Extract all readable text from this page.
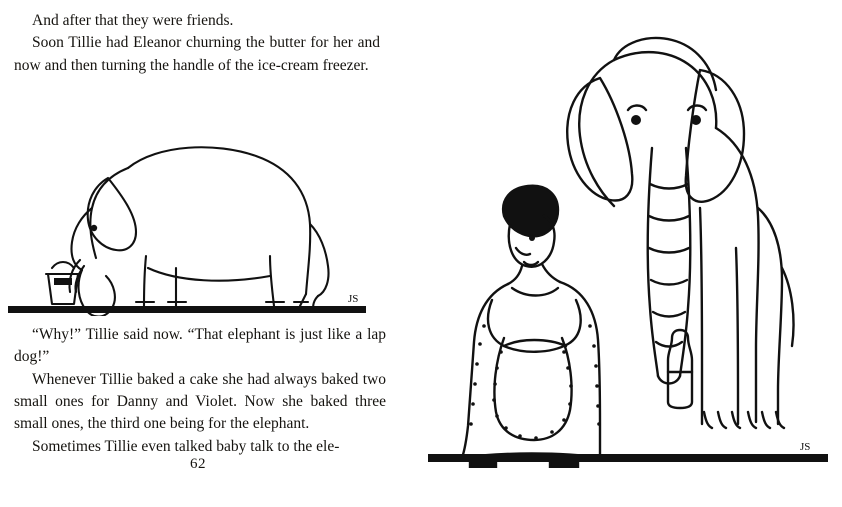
And after that they were friends.

Soon Tillie had Eleanor churning the butter for her and now and then turning the handle of the ice-cream freezer.

JS

“Why!” Tillie said now. “That elephant is just like a lap dog!”

Whenever Tillie baked a cake she had always baked two small ones for Danny and Violet. Now she baked three small ones, the third one being for the elephant.

Sometimes Tillie even talked baby talk to the ele-

62
JS
